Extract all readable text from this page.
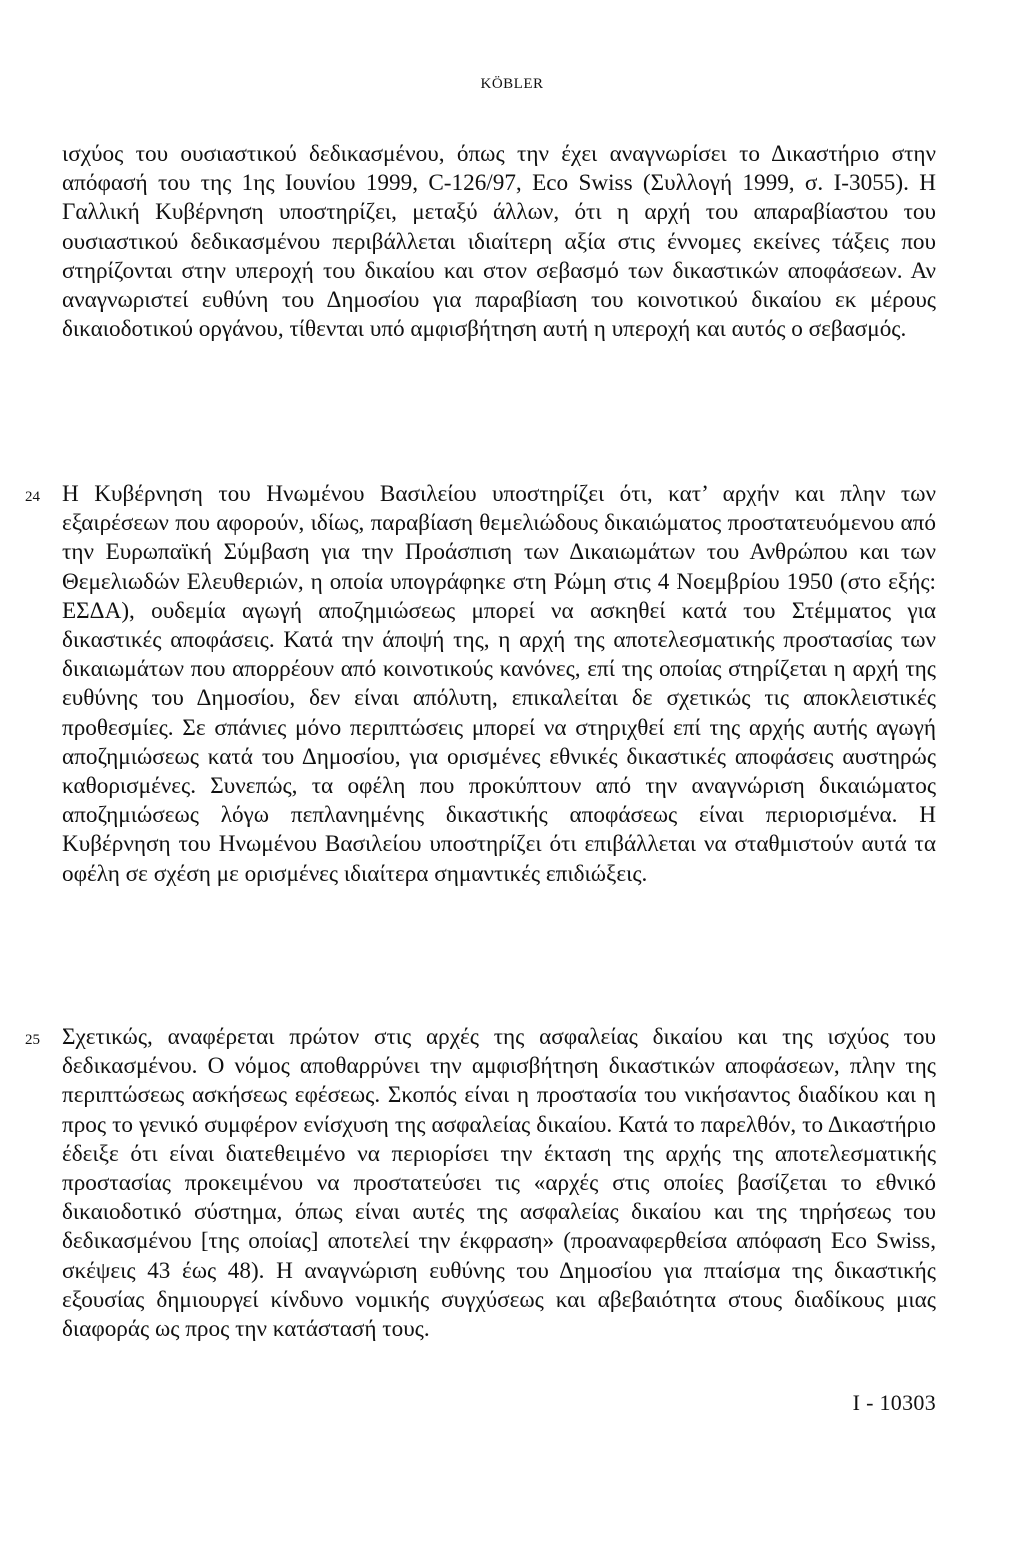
KÖBLER

ισχύος του ουσιαστικού δεδικασμένου, όπως την έχει αναγνωρίσει το Δικαστήριο στην απόφασή του της 1ης Ιουνίου 1999, C-126/97, Eco Swiss (Συλλογή 1999, σ. I-3055). Η Γαλλική Κυβέρνηση υποστηρίζει, μεταξύ άλλων, ότι η αρχή του απαραβίαστου του ουσιαστικού δεδικασμένου περιβάλλεται ιδιαίτερη αξία στις έννομες εκείνες τάξεις που στηρίζονται στην υπεροχή του δικαίου και στον σεβασμό των δικαστικών αποφάσεων. Αν αναγνωριστεί ευθύνη του Δημοσίου για παραβίαση του κοινοτικού δικαίου εκ μέρους δικαιοδοτικού οργάνου, τίθενται υπό αμφισβήτηση αυτή η υπεροχή και αυτός ο σεβασμός.

24 Η Κυβέρνηση του Ηνωμένου Βασιλείου υποστηρίζει ότι, κατ’ αρχήν και πλην των εξαιρέσεων που αφορούν, ιδίως, παραβίαση θεμελιώδους δικαιώματος προστατευόμενου από την Ευρωπαϊκή Σύμβαση για την Προάσπιση των Δικαιωμάτων του Ανθρώπου και των Θεμελιωδών Ελευθεριών, η οποία υπογράφηκε στη Ρώμη στις 4 Νοεμβρίου 1950 (στο εξής: ΕΣΔΑ), ουδεμία αγωγή αποζημιώσεως μπορεί να ασκηθεί κατά του Στέμματος για δικαστικές αποφάσεις. Κατά την άποψή της, η αρχή της αποτελεσματικής προστασίας των δικαιωμάτων που απορρέουν από κοινοτικούς κανόνες, επί της οποίας στηρίζεται η αρχή της ευθύνης του Δημοσίου, δεν είναι απόλυτη, επικαλείται δε σχετικώς τις αποκλειστικές προθεσμίες. Σε σπάνιες μόνο περιπτώσεις μπορεί να στηριχθεί επί της αρχής αυτής αγωγή αποζημιώσεως κατά του Δημοσίου, για ορισμένες εθνικές δικαστικές αποφάσεις αυστηρώς καθορισμένες. Συνεπώς, τα οφέλη που προκύπτουν από την αναγνώριση δικαιώματος αποζημιώσεως λόγω πεπλανημένης δικαστικής αποφάσεως είναι περιορισμένα. Η Κυβέρνηση του Ηνωμένου Βασιλείου υποστηρίζει ότι επιβάλλεται να σταθμιστούν αυτά τα οφέλη σε σχέση με ορισμένες ιδιαίτερα σημαντικές επιδιώξεις.

25 Σχετικώς, αναφέρεται πρώτον στις αρχές της ασφαλείας δικαίου και της ισχύος του δεδικασμένου. Ο νόμος αποθαρρύνει την αμφισβήτηση δικαστικών αποφάσεων, πλην της περιπτώσεως ασκήσεως εφέσεως. Σκοπός είναι η προστασία του νικήσαντος διαδίκου και η προς το γενικό συμφέρον ενίσχυση της ασφαλείας δικαίου. Κατά το παρελθόν, το Δικαστήριο έδειξε ότι είναι διατεθειμένο να περιορίσει την έκταση της αρχής της αποτελεσματικής προστασίας προκειμένου να προστατεύσει τις «αρχές στις οποίες βασίζεται το εθνικό δικαιοδοτικό σύστημα, όπως είναι αυτές της ασφαλείας δικαίου και της τηρήσεως του δεδικασμένου [της οποίας] αποτελεί την έκφραση» (προαναφερθείσα απόφαση Eco Swiss, σκέψεις 43 έως 48). Η αναγνώριση ευθύνης του Δημοσίου για πταίσμα της δικαστικής εξουσίας δημιουργεί κίνδυνο νομικής συγχύσεως και αβεβαιότητα στους διαδίκους μιας διαφοράς ως προς την κατάστασή τους.

I - 10303
